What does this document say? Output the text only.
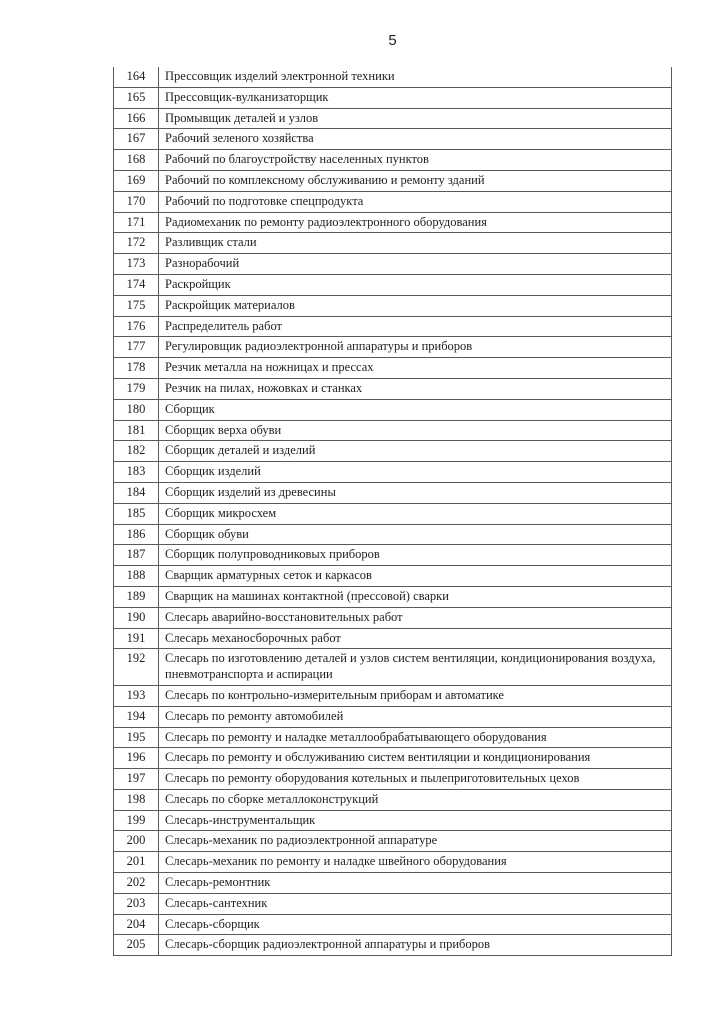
5
164	Прессовщик изделий электронной техники
165	Прессовщик-вулканизаторщик
166	Промывщик деталей и узлов
167	Рабочий зеленого хозяйства
168	Рабочий по благоустройству населенных пунктов
169	Рабочий по комплексному обслуживанию и ремонту зданий
170	Рабочий по подготовке спецпродукта
171	Радиомеханик по ремонту радиоэлектронного оборудования
172	Разливщик стали
173	Разнорабочий
174	Раскройщик
175	Раскройщик материалов
176	Распределитель работ
177	Регулировщик радиоэлектронной аппаратуры и приборов
178	Резчик металла на ножницах и прессах
179	Резчик на пилах, ножовках и станках
180	Сборщик
181	Сборщик верха обуви
182	Сборщик деталей и изделий
183	Сборщик изделий
184	Сборщик изделий из древесины
185	Сборщик микросхем
186	Сборщик обуви
187	Сборщик полупроводниковых приборов
188	Сварщик арматурных сеток и каркасов
189	Сварщик на машинах контактной (прессовой) сварки
190	Слесарь аварийно-восстановительных работ
191	Слесарь механосборочных работ
192	Слесарь по изготовлению деталей и узлов систем вентиляции, кондиционирования воздуха, пневмотранспорта и аспирации
193	Слесарь по контрольно-измерительным приборам и автоматике
194	Слесарь по ремонту автомобилей
195	Слесарь по ремонту и наладке металлообрабатывающего оборудования
196	Слесарь по ремонту и обслуживанию систем вентиляции и кондиционирования
197	Слесарь по ремонту оборудования котельных и пылеприготовительных цехов
198	Слесарь по сборке металлоконструкций
199	Слесарь-инструментальщик
200	Слесарь-механик по радиоэлектронной аппаратуре
201	Слесарь-механик по ремонту и наладке швейного оборудования
202	Слесарь-ремонтник
203	Слесарь-сантехник
204	Слесарь-сборщик
205	Слесарь-сборщик радиоэлектронной аппаратуры и приборов
